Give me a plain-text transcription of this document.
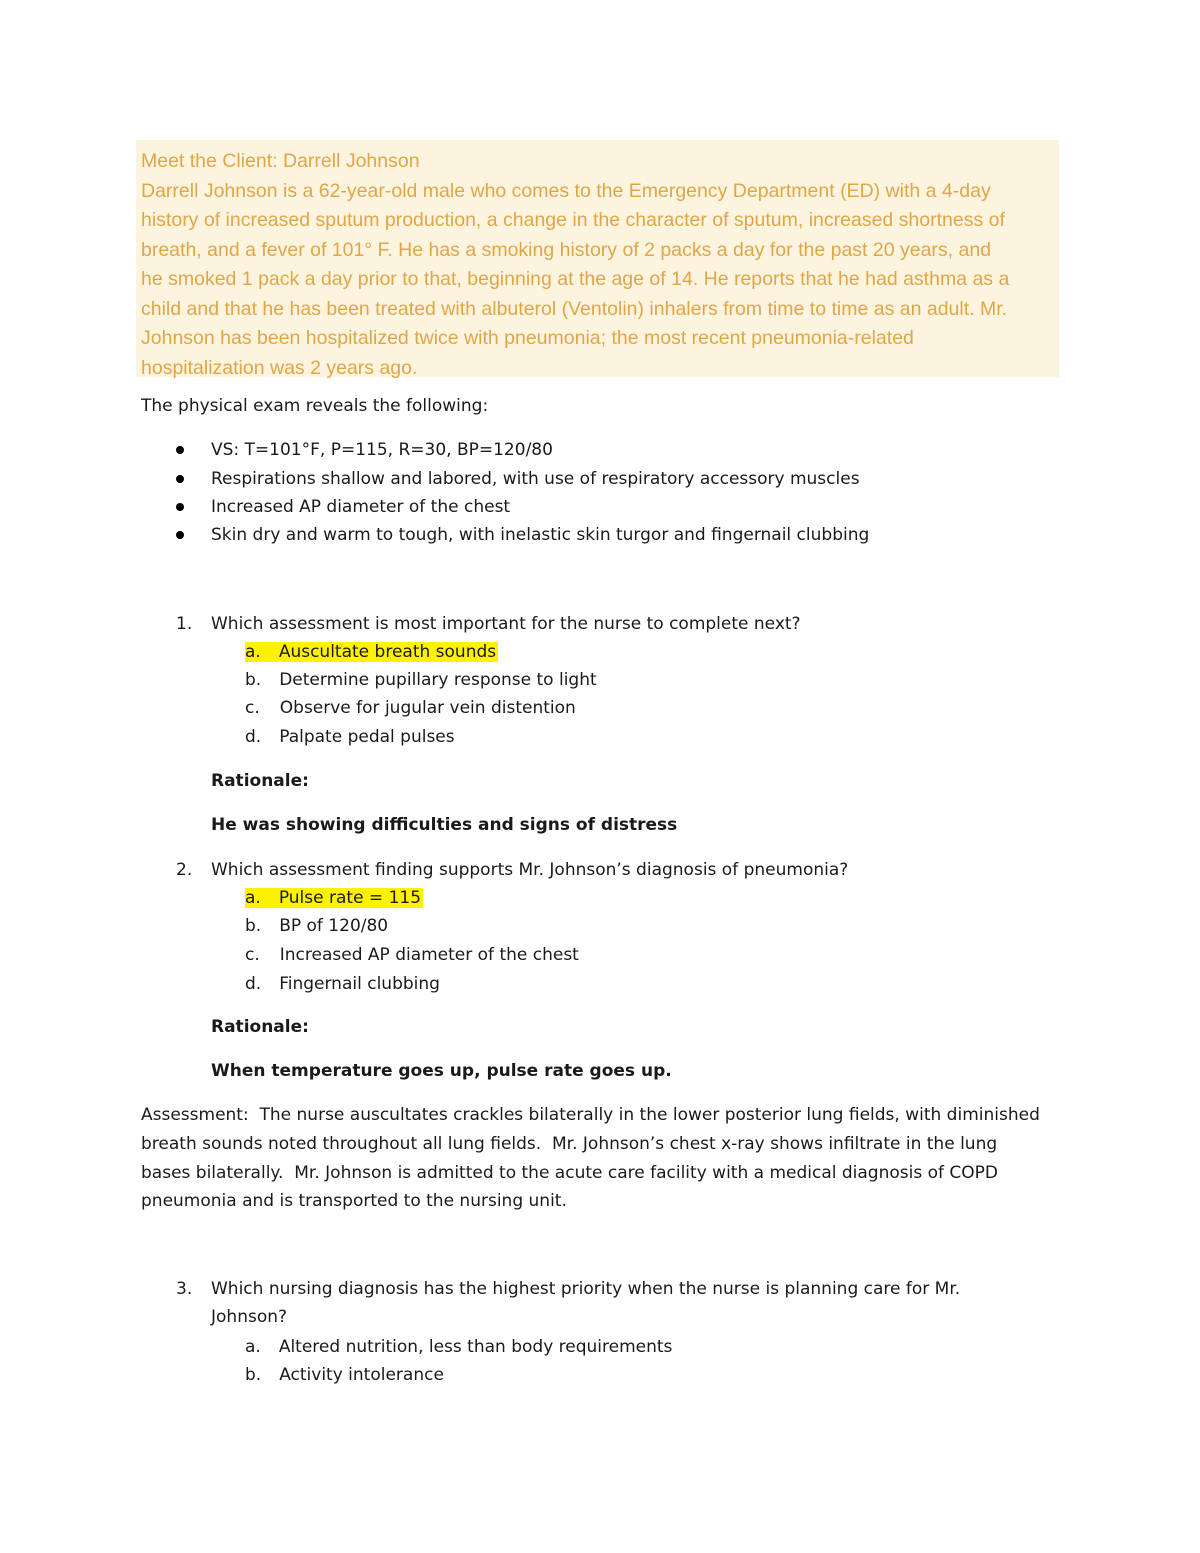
Meet the Client: Darrell Johnson
Darrell Johnson is a 62-year-old male who comes to the Emergency Department (ED) with a 4-day
history of increased sputum production, a change in the character of sputum, increased shortness of
breath, and a fever of 101° F. He has a smoking history of 2 packs a day for the past 20 years, and
he smoked 1 pack a day prior to that, beginning at the age of 14. He reports that he had asthma as a
child and that he has been treated with albuterol (Ventolin) inhalers from time to time as an adult. Mr.
Johnson has been hospitalized twice with pneumonia; the most recent pneumonia-related
hospitalization was 2 years ago.
The physical exam reveals the following:
VS: T=101°F, P=115, R=30, BP=120/80
Respirations shallow and labored, with use of respiratory accessory muscles
Increased AP diameter of the chest
Skin dry and warm to tough, with inelastic skin turgor and fingernail clubbing
1. Which assessment is most important for the nurse to complete next?
a. Auscultate breath sounds
b. Determine pupillary response to light
c. Observe for jugular vein distention
d. Palpate pedal pulses
Rationale:
He was showing difficulties and signs of distress
2. Which assessment finding supports Mr. Johnson’s diagnosis of pneumonia?
a. Pulse rate = 115
b. BP of 120/80
c. Increased AP diameter of the chest
d. Fingernail clubbing
Rationale:
When temperature goes up, pulse rate goes up.
Assessment:  The nurse auscultates crackles bilaterally in the lower posterior lung fields, with diminished
breath sounds noted throughout all lung fields.  Mr. Johnson’s chest x-ray shows infiltrate in the lung
bases bilaterally.  Mr. Johnson is admitted to the acute care facility with a medical diagnosis of COPD
pneumonia and is transported to the nursing unit.
3. Which nursing diagnosis has the highest priority when the nurse is planning care for Mr.
Johnson?
a. Altered nutrition, less than body requirements
b. Activity intolerance
